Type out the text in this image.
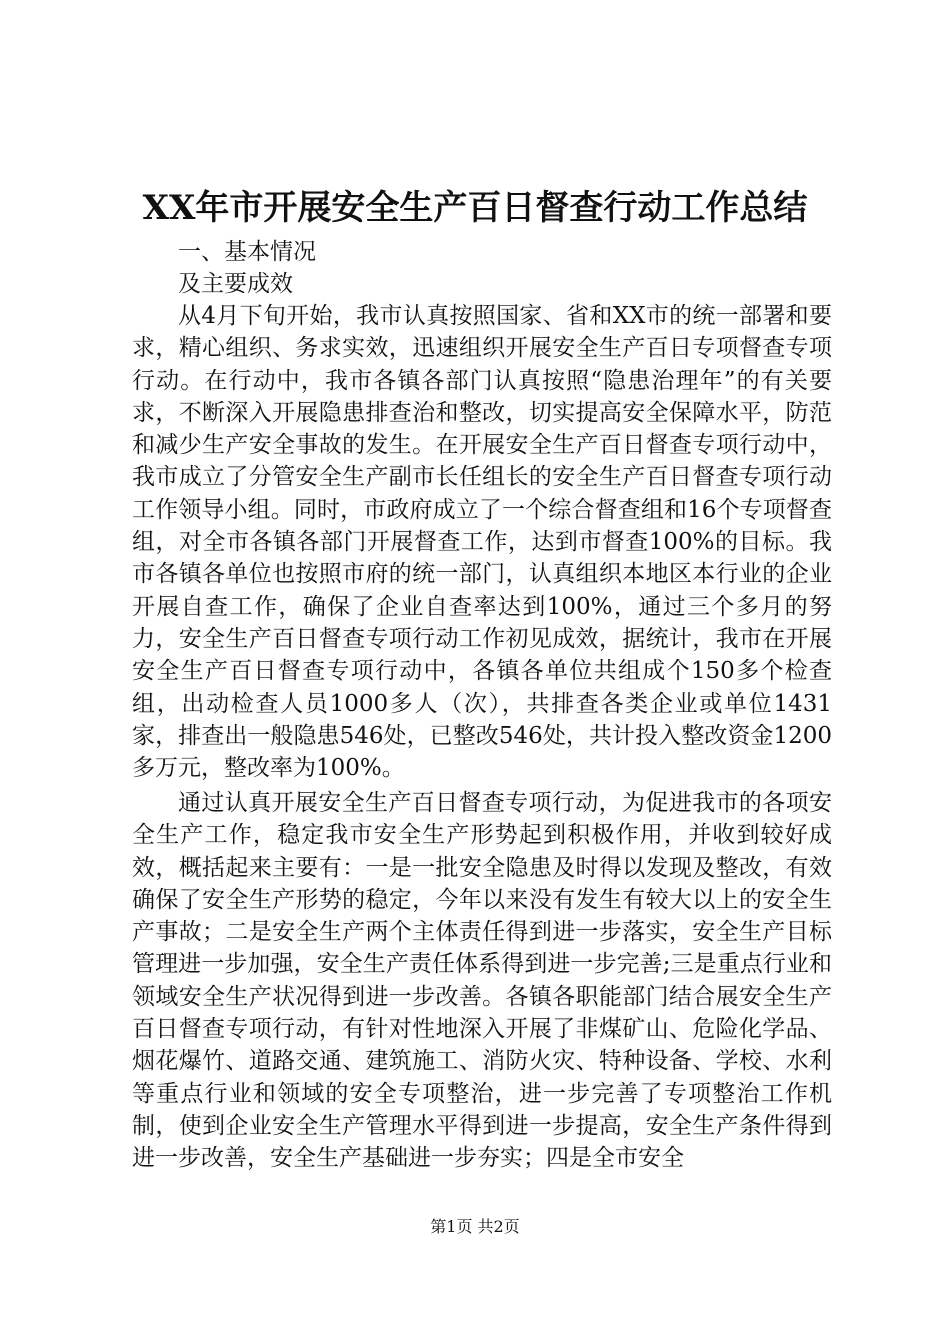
XX年市开展安全生产百日督查行动工作总结

一、基本情况

及主要成效

从4月下旬开始，我市认真按照国家、省和XX市的统一部署和要求，精心组织、务求实效，迅速组织开展安全生产百日专项督查专项行动。在行动中，我市各镇各部门认真按照“隐患治理年”的有关要求，不断深入开展隐患排查治和整改，切实提高安全保障水平，防范和减少生产安全事故的发生。在开展安全生产百日督查专项行动中，我市成立了分管安全生产副市长任组长的安全生产百日督查专项行动工作领导小组。同时，市政府成立了一个综合督查组和16个专项督查组，对全市各镇各部门开展督查工作，达到市督查100%的目标。我市各镇各单位也按照市府的统一部门，认真组织本地区本行业的企业开展自查工作，确保了企业自查率达到100%，通过三个多月的努力，安全生产百日督查专项行动工作初见成效，据统计，我市在开展安全生产百日督查专项行动中，各镇各单位共组成个150多个检查组，出动检查人员1000多人（次），共排查各类企业或单位1431家，排查出一般隐患546处，已整改546处，共计投入整改资金1200多万元，整改率为100%。

通过认真开展安全生产百日督查专项行动，为促进我市的各项安全生产工作，稳定我市安全生产形势起到积极作用，并收到较好成效，概括起来主要有：一是一批安全隐患及时得以发现及整改，有效确保了安全生产形势的稳定，今年以来没有发生有较大以上的安全生产事故；二是安全生产两个主体责任得到进一步落实，安全生产目标管理进一步加强，安全生产责任体系得到进一步完善;三是重点行业和领域安全生产状况得到进一步改善。各镇各职能部门结合展安全生产百日督查专项行动，有针对性地深入开展了非煤矿山、危险化学品、烟花爆竹、道路交通、建筑施工、消防火灾、特种设备、学校、水利等重点行业和领域的安全专项整治，进一步完善了专项整治工作机制，使到企业安全生产管理水平得到进一步提高，安全生产条件得到进一步改善，安全生产基础进一步夯实；四是全市安全

第1页 共2页
